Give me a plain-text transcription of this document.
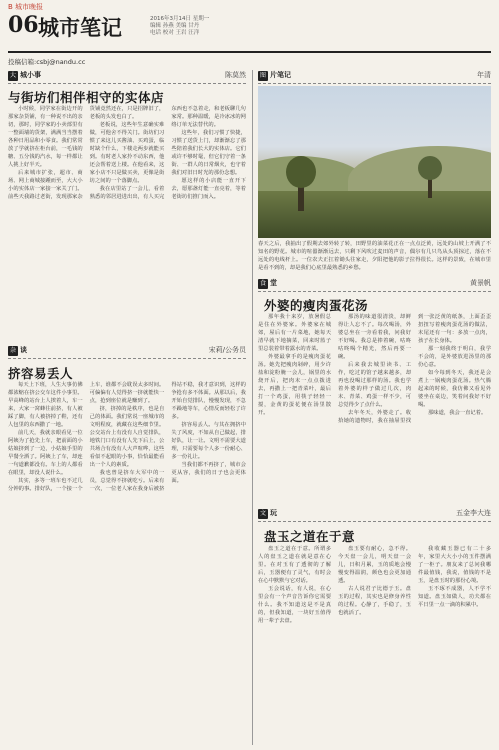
B 城市晚报
06 城市笔记	2016年3月14日 星期一
编辑 孙燕 美编 甘丹
电话 校对 王岩 汪洋
投稿信箱:csbj@nandu.cc
大 城小事	陈莫然
与街坊们相伴相守的实体店

小时候，同学家在街边开的那家杂货铺，有一种说不出的亲切，那时，同学家的小卖部里有一整面墙的货架，满满当当摆着各种日用品和小零食。我们常常放了学就挤在柜台前，一毛钱的糖、五分钱的汽水，每一样都让人挑上好半天。

后来城市扩张，超市、商场、网上商城接踵而至，大大小小的实体店一家接一家关了门。前些天我路过老街，发现那家杂货铺竟然还在，只是招牌旧了，老板的头发也白了。

老板说，这些年生意确实难做，可他舍不得关门。街坊们习惯了来这儿买酱油、买鸡蛋，临时缺个什么，下楼走两步就能买到。有时老人家拎不动东西，他还会帮着送上楼。在他看来，这家小店不只是做买卖，更像是街坊之间的一个落脚点。

我在店里站了一会儿，看着熟悉的邻居进进出出，有人买完东西也不急着走，和老板聊几句家常。那种温暖，是冷冰冰的网络订单无法替代的。

这些年，我们习惯了快捷，习惯了送货上门，却渐渐忘了那些陪着我们长大的实体店。它们或许不够时髦，但它们守着一条街、一群人的日常烟火，也守着我们对旧日时光的那份念想。

愿这样的小店能一直开下去，愿那盏灯能一直亮着，等着老街坊们推门而入。

杂 谈	宋莉/公务员
挤容易丢人

每天上下班，人生大事仿佛都浓缩在挤公交车这件小事里。早高峰的站台上人挨着人，车一来，大家一窝蜂往前挤，有人被踩了脚，有人被挤掉了鞋，还有人包里的东西撒了一地。

前几天，我就亲眼看见一位阿姨为了抢先上车，把前面的小姑娘挤到了一边，小姑娘手里的早餐全洒了。阿姨上了车，却连一句道歉都没有。车上的人都看在眼里，却没人说什么。

其实，多等一班车也不过几分钟的事。排好队，一个接一个上车，谁都不会耽误太多时间。可偏偏有人觉得挤一挤就能快一点，抢到座位就是赚到了。

挤，挤掉的是秩序，也是自己的体面。我们常说一座城市的文明程度，就藏在这些细节里。公交站台上有没有人自觉排队，地铁门口有没有人先下后上，公共场合有没有人大声喧哗，这些看似不起眼的小事，恰恰最能看出一个人的素质。

我也曾是挤车大军中的一员，总觉得不挤就吃亏。后来有一次，一位老人家在我身后被挤得站不稳，我才意识到，这样的争抢有多不体面。从那以后，我开始自觉排队，慢慢发现，不急不躁地等车，心情反而轻松了许多。

挤容易丢人。与其在拥挤中失了风度，不如从自己做起，排好队，让一让。文明不需要大道理，只需要每个人多一份耐心、多一份礼让。

当我们都不再挤了，城市会更从容，我们的日子也会更体面。

图 片笔记	年清
春天之后，我抽出了假期去郊外转了转，田野里的油菜花正在一点点泛黄，远处的山坡上开满了不知名的野花。城市的喧嚣渐渐远去，只剩下风吹过麦田的声音，偶尔有几只鸟从头顶掠过，落在不远处的电线杆上。一位农夫正扛着锄头往家走，夕阳把他的影子拉得很长。这样的景致，在城市里是看不到的，却是我们心底里最熟悉的乡愁。
食 堂	黄景帆
外婆的瘦肉蛋花汤

那年我十来岁，放暑假总是住在外婆家。外婆家在城郊，屋后有一片菜地，她每天清早就下地摘菜，回来时篮子里总装着带着露水的青菜。

外婆最拿手的是瘦肉蛋花汤。她先把瘦肉剁碎，用少许盐和淀粉腌一会儿，锅里的水烧开后，把肉末一点点拨进去，再撒上一把青菜叶，最后打一个鸡蛋，用筷子轻轻一搅，金黄的蛋花便在汤里散开。

那汤的味道很清淡，却鲜得让人忘不了。每次喝汤，外婆总坐在一旁看着我，问我好不好喝。我总是捧着碗，咕咚咕咚喝个精光，然后再要一碗。

后来我去城里读书、工作，吃过的馆子越来越多，却再也没喝过那样的汤。我也学着外婆的样子做过几次，肉末、青菜、鸡蛋一样不少，可总觉得少了点什么。

去年冬天，外婆走了。收拾她的遗物时，我在抽屉里找到一张泛黄的纸条，上面歪歪扭扭写着瘦肉蛋花汤的做法，末尾还有一句：多放一点肉，孩子在长身体。

那一刻我终于明白，我学不会的，是外婆放进汤里的那份心意。

如今每到冬天，我还是会煮上一锅瘦肉蛋花汤。热气腾起来的时候，我仿佛又看见外婆坐在桌边，笑着问我好不好喝。

那味道，我会一直记着。

文 玩	五金李大连
盘玉之道在于意

盘玉之道在于意。所谓多人的盘玉之道在就是意在心里。在对玉有了透彻的了解后，玉器便有了灵气，有时会在心中默默与它对话。

玉会说话，有人说，在心里会有一个声音告诉你它需要什么。我不知道这是不是真的，但我知道，一块好玉值得用一辈子去盘。

盘玉要有耐心，急不得。今天盘一会儿，明天盘一会儿，日积月累，玉的质地会慢慢变得温润，颜色也会更加通透。

古人说君子比德于玉。盘玉的过程，其实也是修身养性的过程。心静了，手稳了，玉也就活了。

我收藏玉器已有二十多年，家里大大小小的玉件摆满了一柜子。朋友来了总问我哪件最值钱，我说，值钱的不是玉，是盘玉时的那份心境。

玉不琢不成器，人不学不知道。盘玉如做人，功夫都在平日里一点一滴的积累中。
